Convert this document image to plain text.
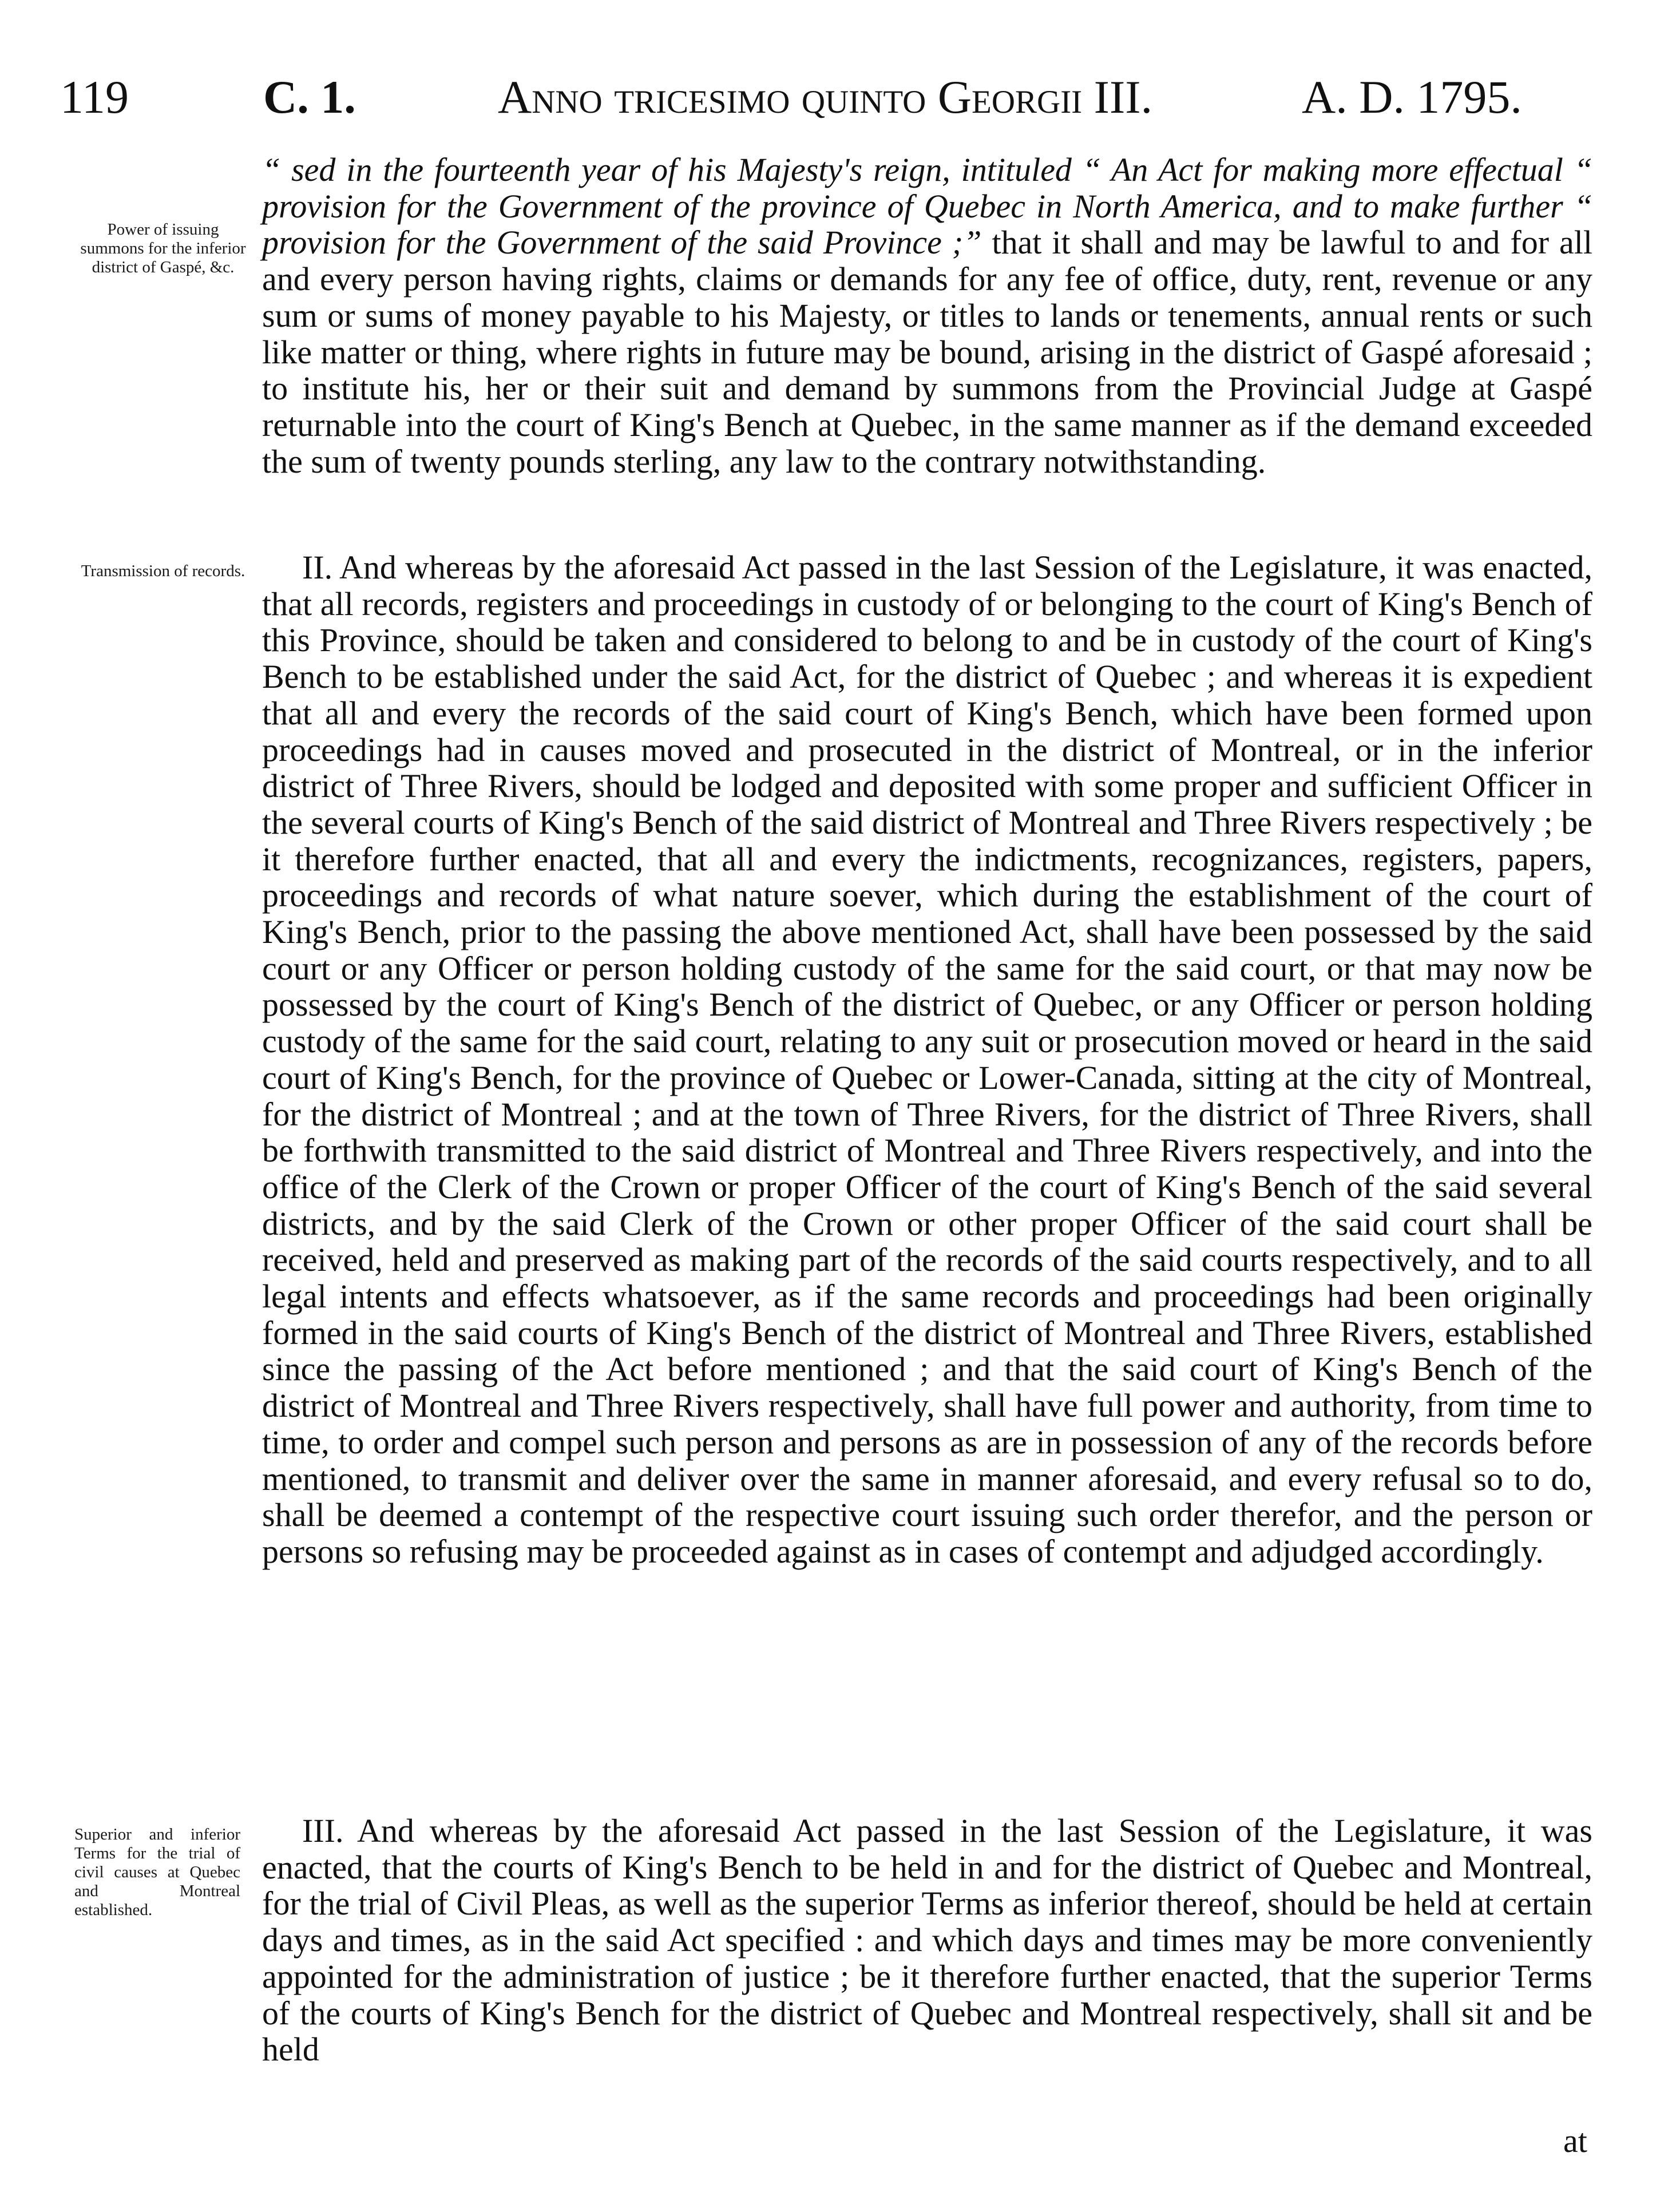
119	C. 1.	Anno tricesimo quinto Georgii III.	A. D. 1795.
Power of issuing summons for the inferior district of Gaspé, &c.
Transmission of records.
Superior and inferior Terms for the trial of civil causes at Quebec and Montreal established.

“ sed in the fourteenth year of his Majesty's reign, intituled “ An Act for making more effectual “ provision for the Government of the province of Quebec in North America, and to make further “ provision for the Government of the said Province ;” that it shall and may be lawful to and for all and every person having rights, claims or demands for any fee of office, duty, rent, revenue or any sum or sums of money payable to his Majesty, or titles to lands or tenements, annual rents or such like matter or thing, where rights in future may be bound, arising in the district of Gaspé aforesaid ; to institute his, her or their suit and demand by summons from the Provincial Judge at Gaspé returnable into the court of King's Bench at Quebec, in the same manner as if the demand exceeded the sum of twenty pounds sterling, any law to the contrary notwithstanding.

II. And whereas by the aforesaid Act passed in the last Session of the Legislature, it was enacted, that all records, registers and proceedings in custody of or belonging to the court of King's Bench of this Province, should be taken and considered to belong to and be in custody of the court of King's Bench to be established under the said Act, for the district of Quebec ; and whereas it is expedient that all and every the records of the said court of King's Bench, which have been formed upon proceedings had in causes moved and prosecuted in the district of Montreal, or in the inferior district of Three Rivers, should be lodged and deposited with some proper and sufficient Officer in the several courts of King's Bench of the said district of Montreal and Three Rivers respectively ; be it therefore further enacted, that all and every the indictments, recognizances, registers, papers, proceedings and records of what nature soever, which during the establishment of the court of King's Bench, prior to the passing the above mentioned Act, shall have been possessed by the said court or any Officer or person holding custody of the same for the said court, or that may now be possessed by the court of King's Bench of the district of Quebec, or any Officer or person holding custody of the same for the said court, relating to any suit or prosecution moved or heard in the said court of King's Bench, for the province of Quebec or Lower-Canada, sitting at the city of Montreal, for the district of Montreal ; and at the town of Three Rivers, for the district of Three Rivers, shall be forthwith transmitted to the said district of Montreal and Three Rivers respectively, and into the office of the Clerk of the Crown or proper Officer of the court of King's Bench of the said several districts, and by the said Clerk of the Crown or other proper Officer of the said court shall be received, held and preserved as making part of the records of the said courts respectively, and to all legal intents and effects whatsoever, as if the same records and proceedings had been originally formed in the said courts of King's Bench of the district of Montreal and Three Rivers, established since the passing of the Act before mentioned ; and that the said court of King's Bench of the district of Montreal and Three Rivers respectively, shall have full power and authority, from time to time, to order and compel such person and persons as are in possession of any of the records before mentioned, to transmit and deliver over the same in manner aforesaid, and every refusal so to do, shall be deemed a contempt of the respective court issuing such order therefor, and the person or persons so refusing may be proceeded against as in cases of contempt and adjudged accordingly.

III. And whereas by the aforesaid Act passed in the last Session of the Legislature, it was enacted, that the courts of King's Bench to be held in and for the district of Quebec and Montreal, for the trial of Civil Pleas, as well as the superior Terms as inferior thereof, should be held at certain days and times, as in the said Act specified : and which days and times may be more conveniently appointed for the administration of justice ; be it therefore further enacted, that the superior Terms of the courts of King's Bench for the district of Quebec and Montreal respectively, shall sit and be held

at
